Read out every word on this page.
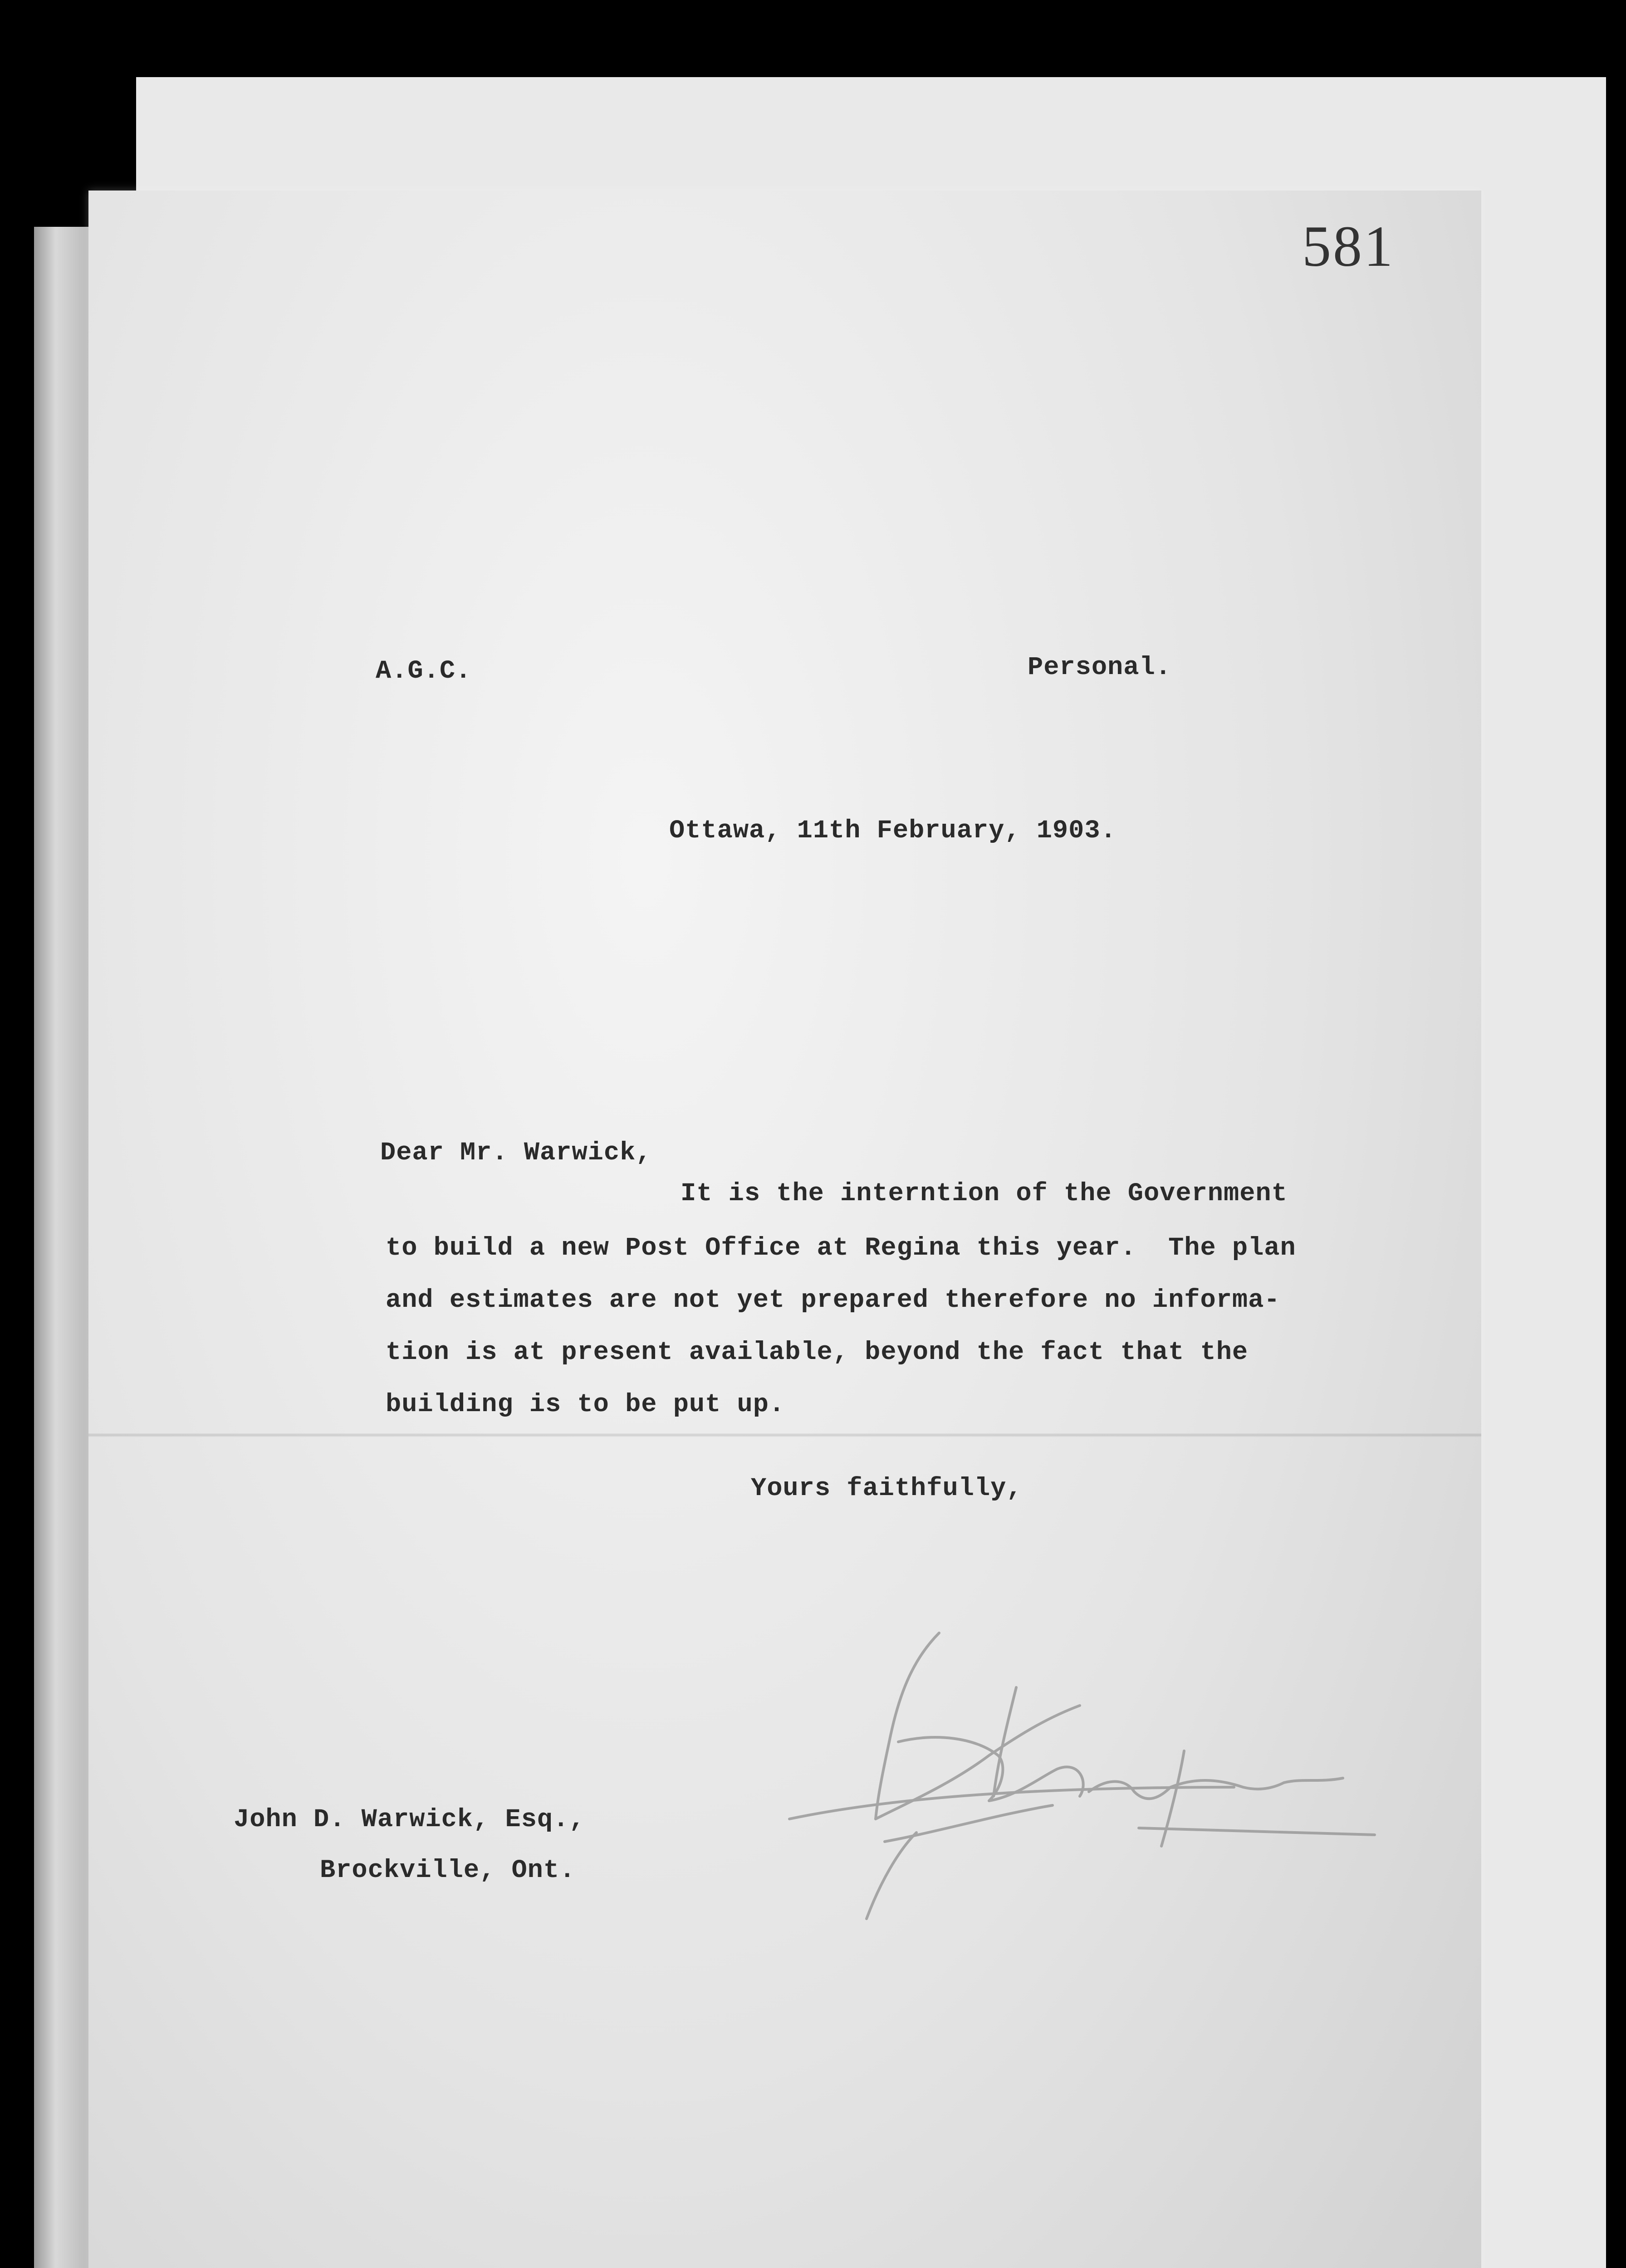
581
A.G.C.	Personal.
Ottawa, 11th February, 1903.
Dear Mr. Warwick,
It is the interntion of the Government
to build a new Post Office at Regina this year.  The plan
and estimates are not yet prepared therefore no informa-
tion is at present available, beyond the fact that the
building is to be put up.
Yours faithfully,
John D. Warwick, Esq.,
Brockville, Ont.
